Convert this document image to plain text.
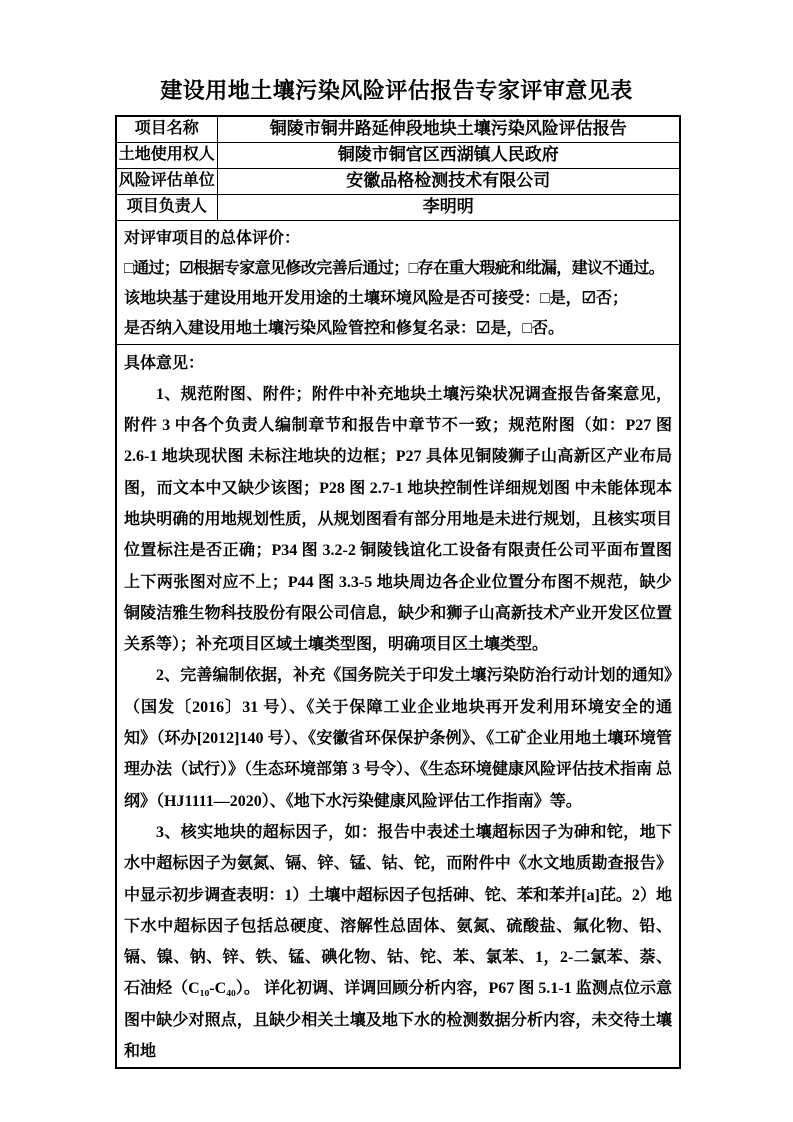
建设用地土壤污染风险评估报告专家评审意见表
项目名称	铜陵市铜井路延伸段地块土壤污染风险评估报告
土地使用权人	铜陵市铜官区西湖镇人民政府
风险评估单位	安徽品格检测技术有限公司
项目负责人	李明明

对评审项目的总体评价：
□通过；☑根据专家意见修改完善后通过；□存在重大瑕疵和纰漏，建议不通过。
该地块基于建设用地开发用途的土壤环境风险是否可接受：□是，☑否；
是否纳入建设用地土壤污染风险管控和修复名录：☑是，□否。	

具体意见：

1、规范附图、附件；附件中补充地块土壤污染状况调查报告备案意见，附件 3 中各个负责人编制章节和报告中章节不一致；规范附图（如：P27 图 2.6-1 地块现状图 未标注地块的边框；P27 具体见铜陵狮子山高新区产业布局图，而文本中又缺少该图；P28 图 2.7-1 地块控制性详细规划图 中未能体现本地块明确的用地规划性质，从规划图看有部分用地是未进行规划，且核实项目位置标注是否正确；P34 图 3.2-2 铜陵钱谊化工设备有限责任公司平面布置图 上下两张图对应不上；P44 图 3.3-5 地块周边各企业位置分布图不规范，缺少铜陵洁雅生物科技股份有限公司信息，缺少和狮子山高新技术产业开发区位置关系等）；补充项目区域土壤类型图，明确项目区土壤类型。

2、完善编制依据，补充《国务院关于印发土壤污染防治行动计划的通知》（国发〔2016〕31 号）、《关于保障工业企业地块再开发利用环境安全的通知》（环办[2012]140 号）、《安徽省环保保护条例》、《工矿企业用地土壤环境管理办法（试行）》（生态环境部第 3 号令）、《生态环境健康风险评估技术指南 总纲》（HJ1111—2020）、《地下水污染健康风险评估工作指南》等。

3、核实地块的超标因子，如：报告中表述土壤超标因子为砷和铊，地下水中超标因子为氨氮、镉、锌、锰、钴、铊，而附件中《水文地质勘查报告》中显示初步调查表明：1）土壤中超标因子包括砷、铊、苯和苯并[a]芘。2）地下水中超标因子包括总硬度、溶解性总固体、氨氮、硫酸盐、氟化物、铅、镉、镍、钠、锌、铁、锰、碘化物、钴、铊、苯、氯苯、1，2-二氯苯、萘、石油烃（C₁₀-C₄₀）。 详化初调、详调回顾分析内容，P67 图 5.1-1 监测点位示意图中缺少对照点，且缺少相关土壤及地下水的检测数据分析内容，未交待土壤和地	
